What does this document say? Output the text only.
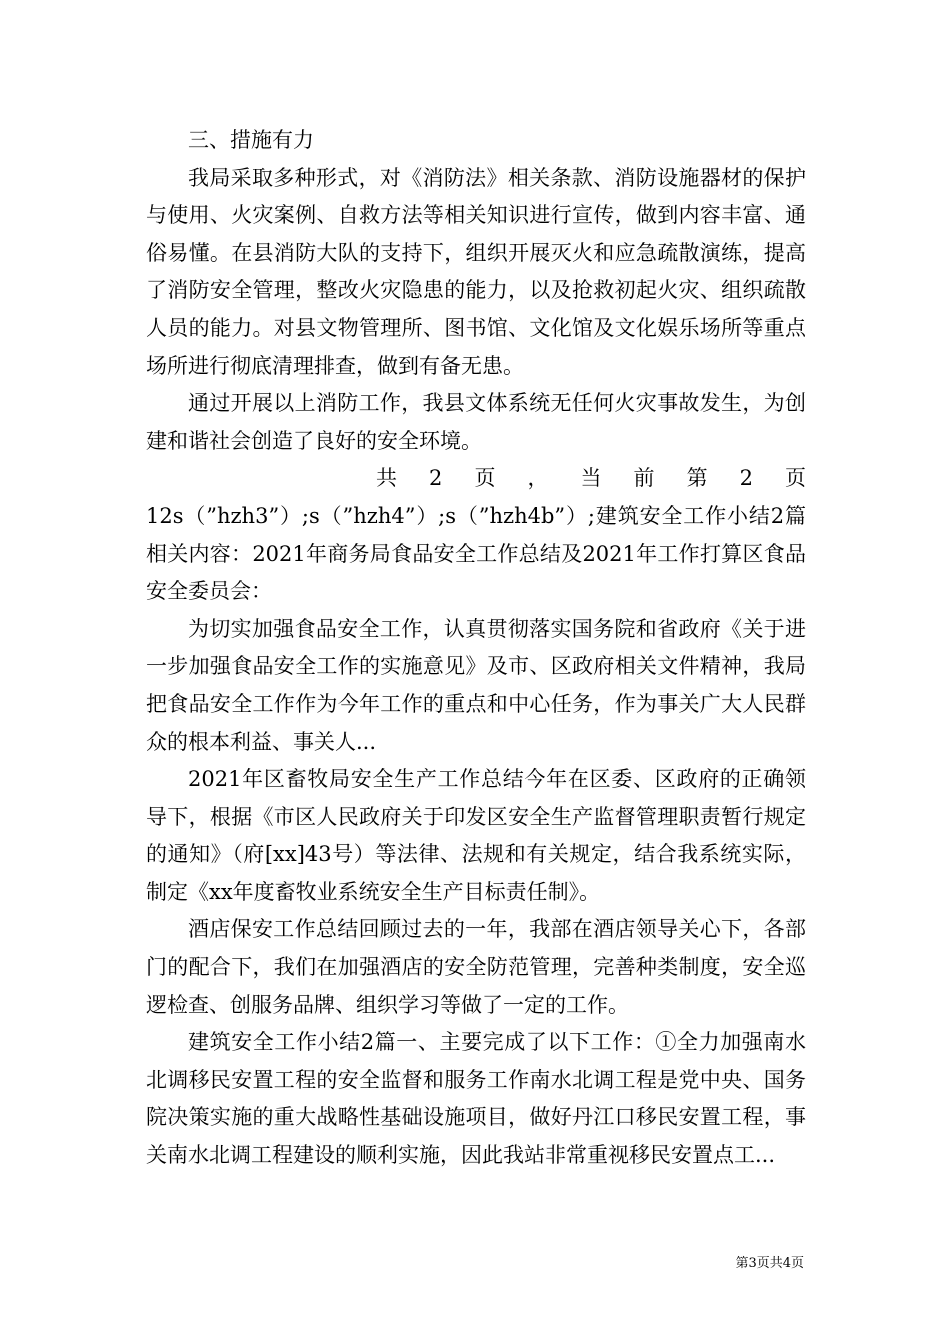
三、措施有力

我局采取多种形式，对《消防法》相关条款、消防设施器材的保护与使用、火灾案例、自救方法等相关知识进行宣传，做到内容丰富、通俗易懂。在县消防大队的支持下，组织开展灭火和应急疏散演练，提高了消防安全管理，整改火灾隐患的能力，以及抢救初起火灾、组织疏散人员的能力。对县文物管理所、图书馆、文化馆及文化娱乐场所等重点场所进行彻底清理排查，做到有备无患。

通过开展以上消防工作，我县文体系统无任何火灾事故发生，为创建和谐社会创造了良好的安全环境。

共 2 页 ， 当 前 第 2 页

12s（”hzh3”）;s（”hzh4”）;s（”hzh4b”）;建筑安全工作小结2篇相关内容：2021年商务局食品安全工作总结及2021年工作打算区食品安全委员会：

为切实加强食品安全工作，认真贯彻落实国务院和省政府《关于进一步加强食品安全工作的实施意见》及市、区政府相关文件精神，我局把食品安全工作作为今年工作的重点和中心任务，作为事关广大人民群众的根本利益、事关人...

2021年区畜牧局安全生产工作总结今年在区委、区政府的正确领导下，根据《市区人民政府关于印发区安全生产监督管理职责暂行规定的通知》（府[xx]43号）等法律、法规和有关规定，结合我系统实际，制定《xx年度畜牧业系统安全生产目标责任制》。

酒店保安工作总结回顾过去的一年，我部在酒店领导关心下，各部门的配合下，我们在加强酒店的安全防范管理，完善种类制度，安全巡逻检查、创服务品牌、组织学习等做了一定的工作。

建筑安全工作小结2篇一、主要完成了以下工作：①全力加强南水北调移民安置工程的安全监督和服务工作南水北调工程是党中央、国务院决策实施的重大战略性基础设施项目，做好丹江口移民安置工程，事关南水北调工程建设的顺利实施，因此我站非常重视移民安置点工...

第3页共4页
